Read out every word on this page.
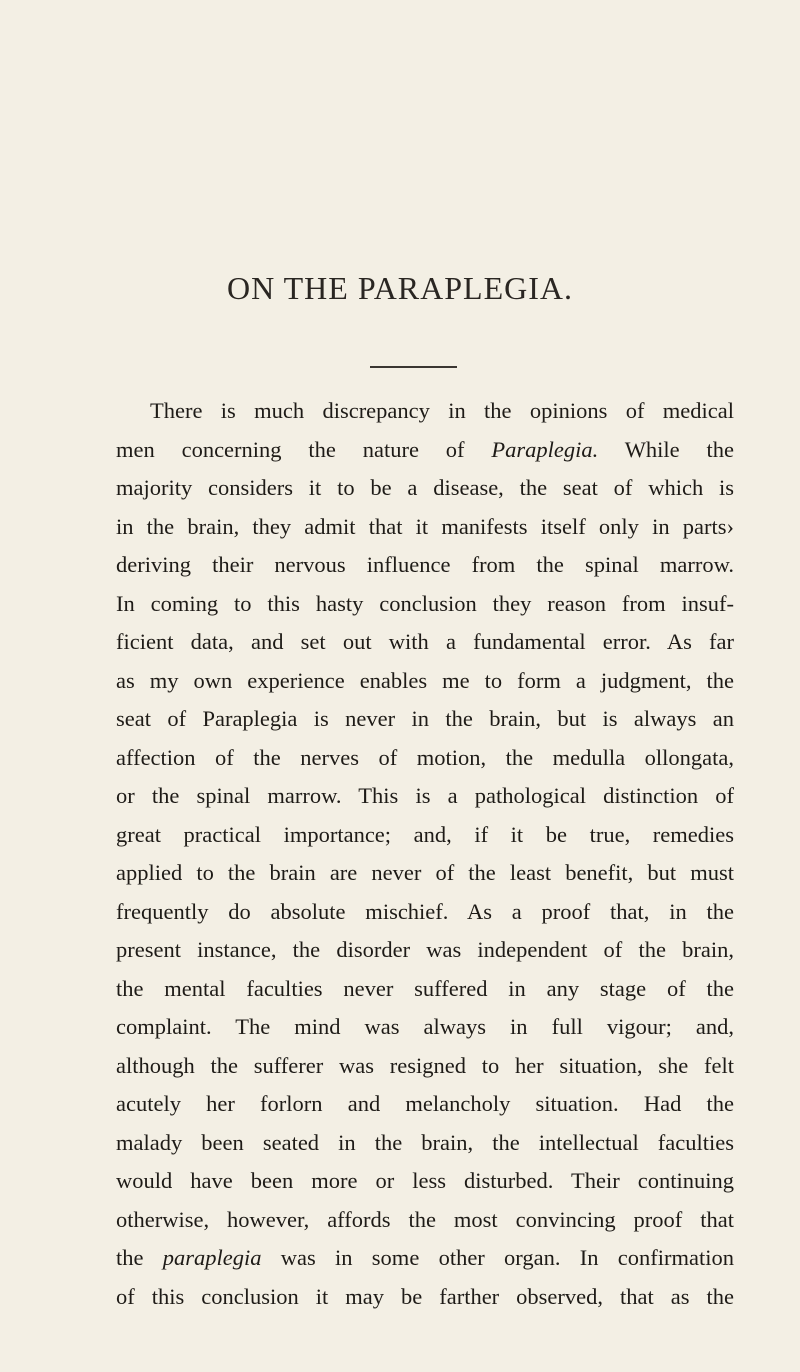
ON THE PARAPLEGIA.
There is much discrepancy in the opinions of medical
men concerning the nature of Paraplegia. While the
majority considers it to be a disease, the seat of which is
in the brain, they admit that it manifests itself only in parts›
deriving their nervous influence from the spinal marrow.
In coming to this hasty conclusion they reason from insuf-
ficient data, and set out with a fundamental error. As far
as my own experience enables me to form a judgment, the
seat of Paraplegia is never in the brain, but is always an
affection of the nerves of motion, the medulla ollongata,
or the spinal marrow. This is a pathological distinction of
great practical importance; and, if it be true, remedies
applied to the brain are never of the least benefit, but must
frequently do absolute mischief. As a proof that, in the
present instance, the disorder was independent of the brain,
the mental faculties never suffered in any stage of the
complaint. The mind was always in full vigour; and,
although the sufferer was resigned to her situation, she felt
acutely her forlorn and melancholy situation. Had the
malady been seated in the brain, the intellectual faculties
would have been more or less disturbed. Their continuing
otherwise, however, affords the most convincing proof that
the paraplegia was in some other organ. In confirmation
of this conclusion it may be farther observed, that as the
